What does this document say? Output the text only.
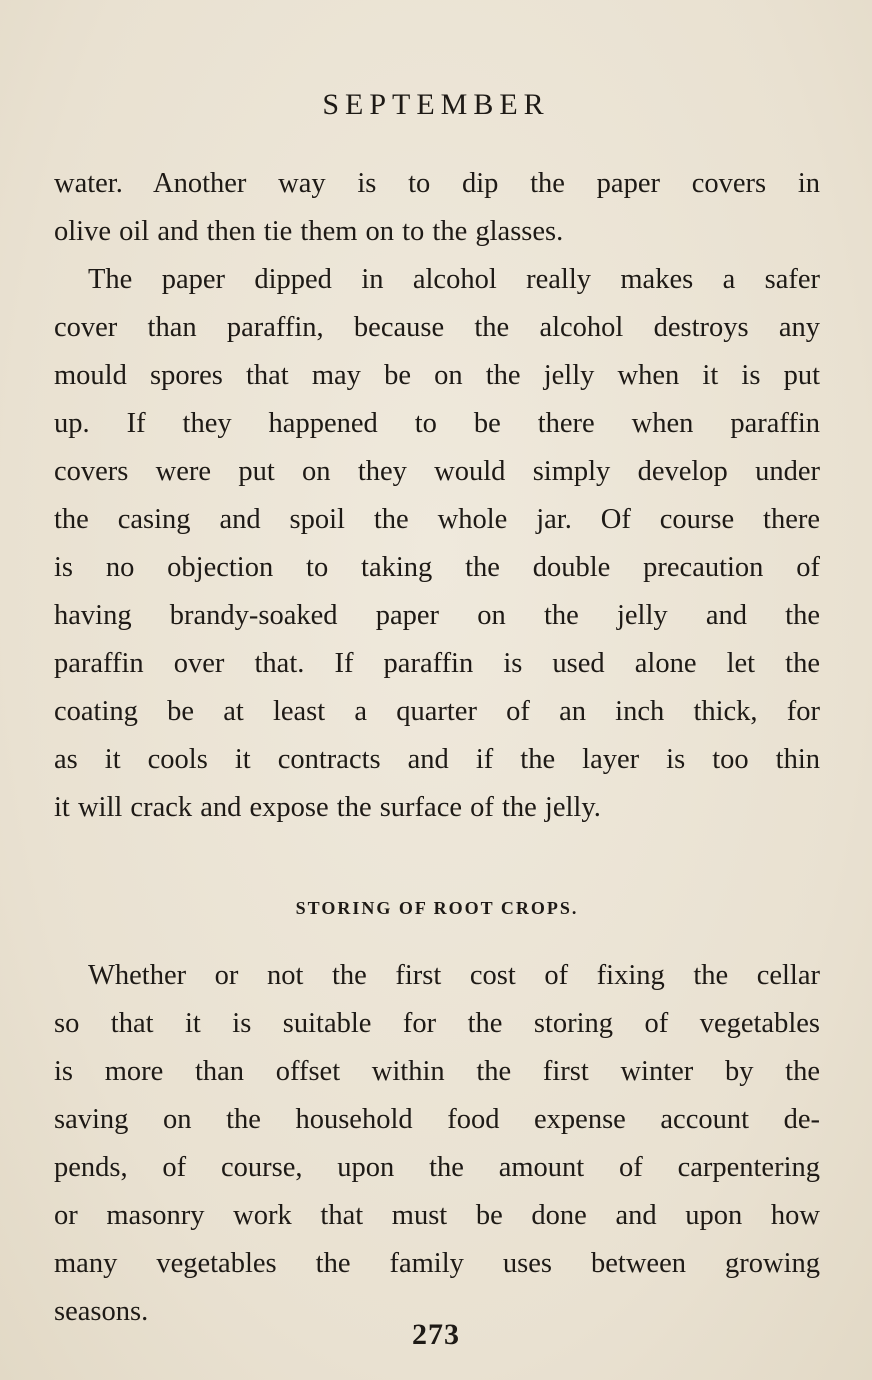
SEPTEMBER
water. Another way is to dip the paper covers in
olive oil and then tie them on to the glasses.
The paper dipped in alcohol really makes a safer
cover than paraffin, because the alcohol destroys any
mould spores that may be on the jelly when it is put
up. If they happened to be there when paraffin
covers were put on they would simply develop under
the casing and spoil the whole jar. Of course there
is no objection to taking the double precaution of
having brandy-soaked paper on the jelly and the
paraffin over that. If paraffin is used alone let the
coating be at least a quarter of an inch thick, for
as it cools it contracts and if the layer is too thin
it will crack and expose the surface of the jelly.
STORING OF ROOT CROPS.
Whether or not the first cost of fixing the cellar
so that it is suitable for the storing of vegetables
is more than offset within the first winter by the
saving on the household food expense account de-
pends, of course, upon the amount of carpentering
or masonry work that must be done and upon how
many vegetables the family uses between growing
seasons.
273
